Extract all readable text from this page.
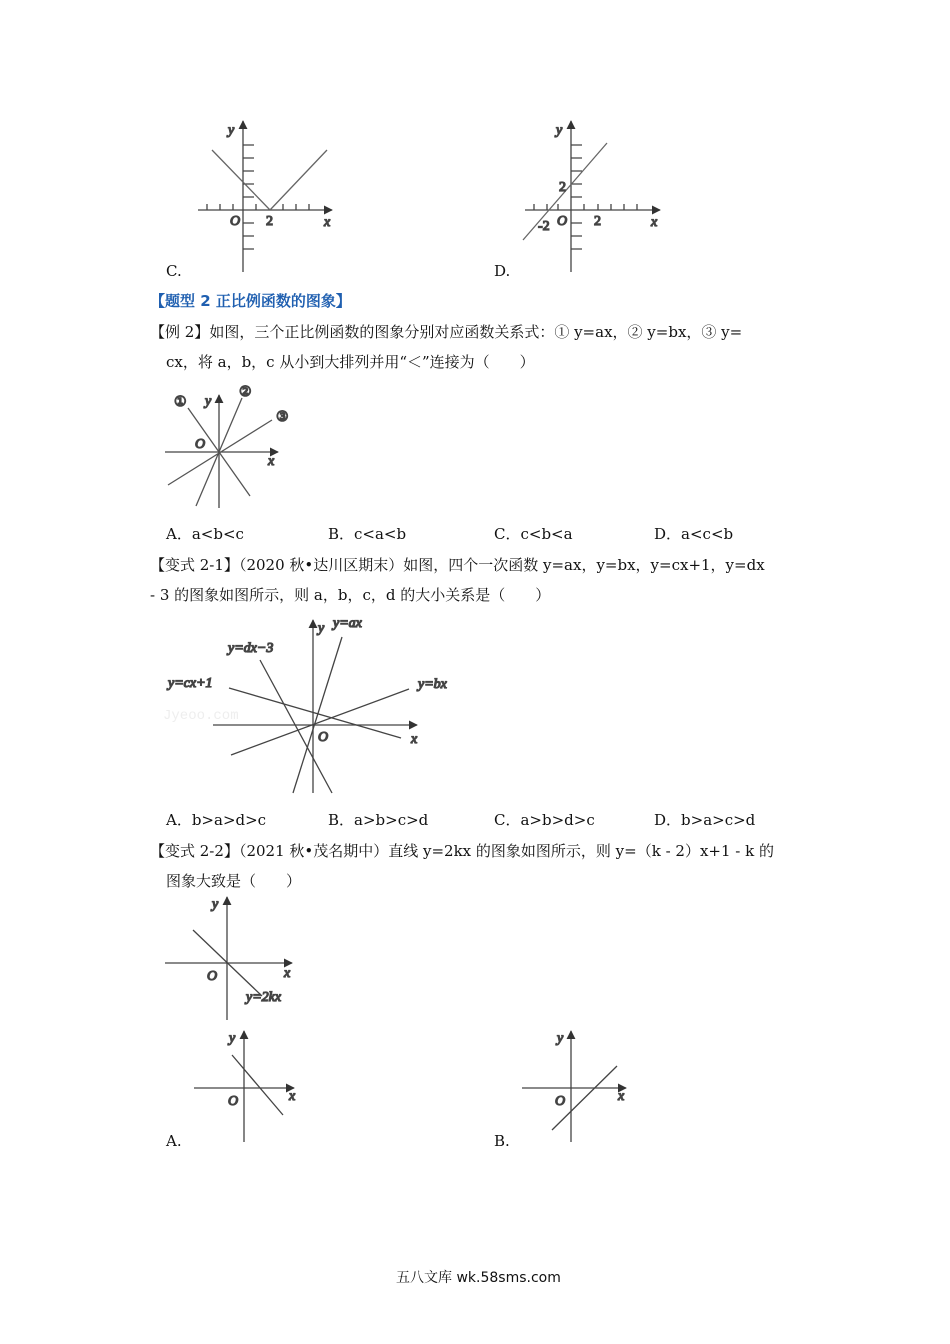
y
O 2	x
y
2
-2 O 2	x
① y
②
③
O
x
Jyeoo.com
y y=ax
y=dx−3
y=cx+1	y=bx
O	x
y
O	x
y=2kx
y
O	x
y
O	x
C.	D.
【题型 2 正比例函数的图象】
【例 2】如图，三个正比例函数的图象分别对应函数关系式：① y=ax，② y=bx，③ y=
cx，将 a，b，c 从小到大排列并用“＜”连接为（　　）
A．a<b<c	B．c<a<b	C．c<b<a	D．a<c<b
【变式 2-1】（2020 秋•达川区期末）如图，四个一次函数 y=ax，y=bx，y=cx+1，y=dx
- 3 的图象如图所示，则 a，b，c，d 的大小关系是（　　）
A．b>a>d>c	B．a>b>c>d	C．a>b>d>c	D．b>a>c>d
【变式 2-2】（2021 秋•茂名期中）直线 y=2kx 的图象如图所示，则 y=（k - 2）x+1 - k 的
图象大致是（　　）
A.	B.
五八文库 wk.58sms.com
